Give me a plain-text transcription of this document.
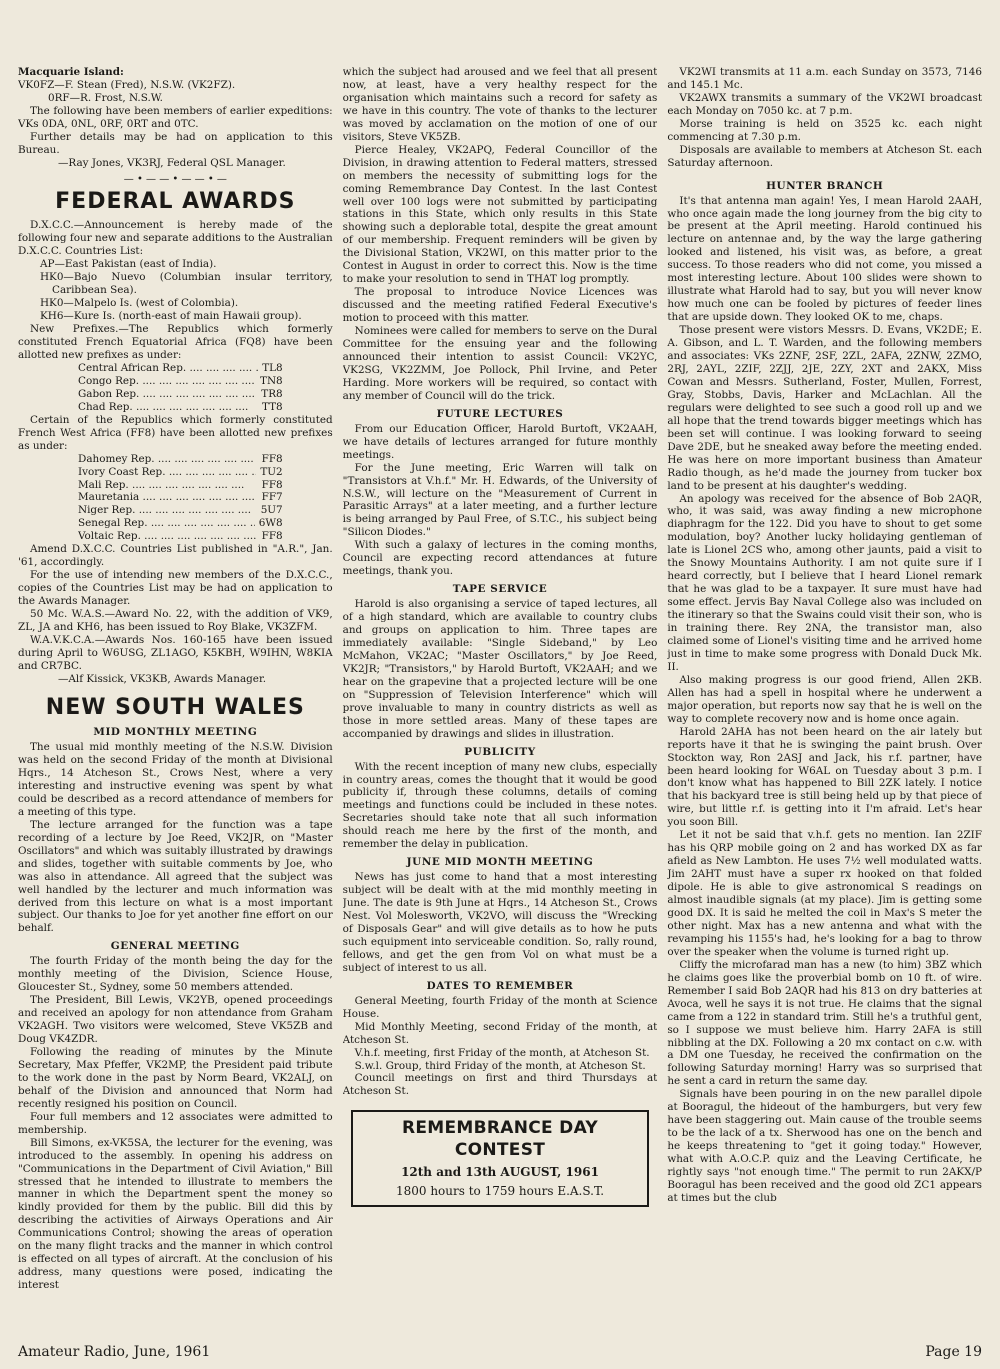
Macquarie Island:

VK0FZ—F. Stean (Fred), N.S.W. (VK2FZ).

0RF—R. Frost, N.S.W.

The following have been members of earlier expeditions: VKs 0DA, 0NL, 0RF, 0RT and 0TC.

Further details may be had on application to this Bureau.

—Ray Jones, VK3RJ, Federal QSL Manager.

— • — — • — — • —
FEDERAL AWARDS

D.X.C.C.—Announcement is hereby made of the following four new and separate additions to the Australian D.X.C.C. Countries List:

AP—East Pakistan (east of India).
HK0—Bajo Nuevo (Columbian insular territory, Caribbean Sea).
HK0—Malpelo Is. (west of Colombia).
KH6—Kure Is. (north-east of main Hawaii group).

New Prefixes.—The Republics which formerly constituted French Equatorial Africa (FQ8) have been allotted new prefixes as under:

Central African Rep. ....	TL8
Congo Rep. ....	TN8
Gabon Rep. ....	TR8
Chad Rep. ....	TT8

Certain of the Republics which formerly constituted French West Africa (FF8) have been allotted new prefixes as under:

Dahomey Rep. ....	FF8
Ivory Coast Rep. ....	TU2
Mali Rep. ....	FF8
Mauretania ....	FF7
Niger Rep. ....	5U7
Senegal Rep. ....	6W8
Voltaic Rep. ....	FF8

Amend D.X.C.C. Countries List published in "A.R.", Jan. '61, accordingly.

For the use of intending new members of the D.X.C.C., copies of the Countries List may be had on application to the Awards Manager.

50 Mc. W.A.S.—Award No. 22, with the addition of VK9, ZL, JA and KH6, has been issued to Roy Blake, VK3ZFM.

W.A.V.K.C.A.—Awards Nos. 160-165 have been issued during April to W6USG, ZL1AGO, K5KBH, W9IHN, W8KIA and CR7BC.

—Alf Kissick, VK3KB, Awards Manager.

NEW SOUTH WALES
MID MONTHLY MEETING

The usual mid monthly meeting of the N.S.W. Division was held on the second Friday of the month at Divisional Hqrs., 14 Atcheson St., Crows Nest, where a very interesting and instructive evening was spent by what could be described as a record attendance of members for a meeting of this type.

The lecture arranged for the function was a tape recording of a lecture by Joe Reed, VK2JR, on "Master Oscillators" and which was suitably illustrated by drawings and slides, together with suitable comments by Joe, who was also in attendance. All agreed that the subject was well handled by the lecturer and much information was derived from this lecture on what is a most important subject. Our thanks to Joe for yet another fine effort on our behalf.

GENERAL MEETING

The fourth Friday of the month being the day for the monthly meeting of the Division, Science House, Gloucester St., Sydney, some 50 members attended.

The President, Bill Lewis, VK2YB, opened proceedings and received an apology for non attendance from Graham VK2AGH. Two visitors were welcomed, Steve VK5ZB and Doug VK4ZDR.

Following the reading of minutes by the Minute Secretary, Max Pfeffer, VK2MP, the President paid tribute to the work done in the past by Norm Beard, VK2ALJ, on behalf of the Division and announced that Norm had recently resigned his position on Council.

Four full members and 12 associates were admitted to membership.

Bill Simons, ex-VK5SA, the lecturer for the evening, was introduced to the assembly. In opening his address on "Communications in the Department of Civil Aviation," Bill stressed that he intended to illustrate to members the manner in which the Department spent the money so kindly provided for them by the public. Bill did this by describing the activities of Airways Operations and Air Communications Control; showing the areas of operation on the many flight tracks and the manner in which control is effected on all types of aircraft. At the conclusion of his address, many questions were posed, indicating the interest

which the subject had aroused and we feel that all present now, at least, have a very healthy respect for the organisation which maintains such a record for safety as we have in this country. The vote of thanks to the lecturer was moved by acclamation on the motion of one of our visitors, Steve VK5ZB.

Pierce Healey, VK2APQ, Federal Councillor of the Division, in drawing attention to Federal matters, stressed on members the necessity of submitting logs for the coming Remembrance Day Contest. In the last Contest well over 100 logs were not submitted by participating stations in this State, which only results in this State showing such a deplorable total, despite the great amount of our membership. Frequent reminders will be given by the Divisional Station, VK2WI, on this matter prior to the Contest in August in order to correct this. Now is the time to make your resolution to send in THAT log promptly.

The proposal to introduce Novice Licences was discussed and the meeting ratified Federal Executive's motion to proceed with this matter.

Nominees were called for members to serve on the Dural Committee for the ensuing year and the following announced their intention to assist Council: VK2YC, VK2SG, VK2ZMM, Joe Pollock, Phil Irvine, and Peter Harding. More workers will be required, so contact with any member of Council will do the trick.

FUTURE LECTURES

From our Education Officer, Harold Burtoft, VK2AAH, we have details of lectures arranged for future monthly meetings.

For the June meeting, Eric Warren will talk on "Transistors at V.h.f." Mr. H. Edwards, of the University of N.S.W., will lecture on the "Measurement of Current in Parasitic Arrays" at a later meeting, and a further lecture is being arranged by Paul Free, of S.T.C., his subject being "Silicon Diodes."

With such a galaxy of lectures in the coming months, Council are expecting record attendances at future meetings, thank you.

TAPE SERVICE

Harold is also organising a service of taped lectures, all of a high standard, which are available to country clubs and groups on application to him. Three tapes are immediately available: "Single Sideband," by Leo McMahon, VK2AC; "Master Oscillators," by Joe Reed, VK2JR; "Transistors," by Harold Burtoft, VK2AAH; and we hear on the grapevine that a projected lecture will be one on "Suppression of Television Interference" which will prove invaluable to many in country districts as well as those in more settled areas. Many of these tapes are accompanied by drawings and slides in illustration.

PUBLICITY

With the recent inception of many new clubs, especially in country areas, comes the thought that it would be good publicity if, through these columns, details of coming meetings and functions could be included in these notes. Secretaries should take note that all such information should reach me here by the first of the month, and remember the delay in publication.

JUNE MID MONTH MEETING

News has just come to hand that a most interesting subject will be dealt with at the mid monthly meeting in June. The date is 9th June at Hqrs., 14 Atcheson St., Crows Nest. Vol Molesworth, VK2VO, will discuss the "Wrecking of Disposals Gear" and will give details as to how he puts such equipment into serviceable condition. So, rally round, fellows, and get the gen from Vol on what must be a subject of interest to us all.

DATES TO REMEMBER

General Meeting, fourth Friday of the month at Science House.

Mid Monthly Meeting, second Friday of the month, at Atcheson St.

V.h.f. meeting, first Friday of the month, at Atcheson St.

S.w.l. Group, third Friday of the month, at Atcheson St.

Council meetings on first and third Thursdays at Atcheson St.

REMEMBRANCE DAY CONTEST
12th and 13th AUGUST, 1961
1800 hours to 1759 hours E.A.S.T.

VK2WI transmits at 11 a.m. each Sunday on 3573, 7146 and 145.1 Mc.

VK2AWX transmits a summary of the VK2WI broadcast each Monday on 7050 kc. at 7 p.m.

Morse training is held on 3525 kc. each night commencing at 7.30 p.m.

Disposals are available to members at Atcheson St. each Saturday afternoon.

HUNTER BRANCH

It's that antenna man again! Yes, I mean Harold 2AAH, who once again made the long journey from the big city to be present at the April meeting. Harold continued his lecture on antennae and, by the way the large gathering looked and listened, his visit was, as before, a great success. To those readers who did not come, you missed a most interesting lecture. About 100 slides were shown to illustrate what Harold had to say, but you will never know how much one can be fooled by pictures of feeder lines that are upside down. They looked OK to me, chaps.

Those present were vistors Messrs. D. Evans, VK2DE; E. A. Gibson, and L. T. Warden, and the following members and associates: VKs 2ZNF, 2SF, 2ZL, 2AFA, 2ZNW, 2ZMO, 2RJ, 2AYL, 2ZIF, 2ZJJ, 2JE, 2ZY, 2XT and 2AKX, Miss Cowan and Messrs. Sutherland, Foster, Mullen, Forrest, Gray, Stobbs, Davis, Harker and McLachlan. All the regulars were delighted to see such a good roll up and we all hope that the trend towards bigger meetings which has been set will continue. I was looking forward to seeing Dave 2DE, but he sneaked away before the meeting ended. He was here on more important business than Amateur Radio though, as he'd made the journey from tucker box land to be present at his daughter's wedding.

An apology was received for the absence of Bob 2AQR, who, it was said, was away finding a new microphone diaphragm for the 122. Did you have to shout to get some modulation, boy? Another lucky holidaying gentleman of late is Lionel 2CS who, among other jaunts, paid a visit to the Snowy Mountains Authority. I am not quite sure if I heard correctly, but I believe that I heard Lionel remark that he was glad to be a taxpayer. It sure must have had some effect. Jervis Bay Naval College also was included on the itinerary so that the Swains could visit their son, who is in training there. Rey 2NA, the transistor man, also claimed some of Lionel's visiting time and he arrived home just in time to make some progress with Donald Duck Mk. II.

Also making progress is our good friend, Allen 2KB. Allen has had a spell in hospital where he underwent a major operation, but reports now say that he is well on the way to complete recovery now and is home once again.

Harold 2AHA has not been heard on the air lately but reports have it that he is swinging the paint brush. Over Stockton way, Ron 2ASJ and Jack, his r.f. partner, have been heard looking for W6AL on Tuesday about 3 p.m. I don't know what has happened to Bill 2ZK lately. I notice that his backyard tree is still being held up by that piece of wire, but little r.f. is getting into it I'm afraid. Let's hear you soon Bill.

Let it not be said that v.h.f. gets no mention. Ian 2ZIF has his QRP mobile going on 2 and has worked DX as far afield as New Lambton. He uses 7½ well modulated watts. Jim 2AHT must have a super rx hooked on that folded dipole. He is able to give astronomical S readings on almost inaudible signals (at my place). Jim is getting some good DX. It is said he melted the coil in Max's S meter the other night. Max has a new antenna and what with the revamping his 1155's had, he's looking for a bag to throw over the speaker when the volume is turned right up.

Cliffy the microfarad man has a new (to him) 3BZ which he claims goes like the proverbial bomb on 10 ft. of wire. Remember I said Bob 2AQR had his 813 on dry batteries at Avoca, well he says it is not true. He claims that the signal came from a 122 in standard trim. Still he's a truthful gent, so I suppose we must believe him. Harry 2AFA is still nibbling at the DX. Following a 20 mx contact on c.w. with a DM one Tuesday, he received the confirmation on the following Saturday morning! Harry was so surprised that he sent a card in return the same day.

Signals have been pouring in on the new parallel dipole at Booragul, the hideout of the hamburgers, but very few have been staggering out. Main cause of the trouble seems to be the lack of a tx. Sherwood has one on the bench and he keeps threatening to "get it going today." However, what with A.O.C.P. quiz and the Leaving Certificate, he rightly says "not enough time." The permit to run 2AKX/P Booragul has been received and the good old ZC1 appears at times but the club

Amateur Radio, June, 1961	Page 19
